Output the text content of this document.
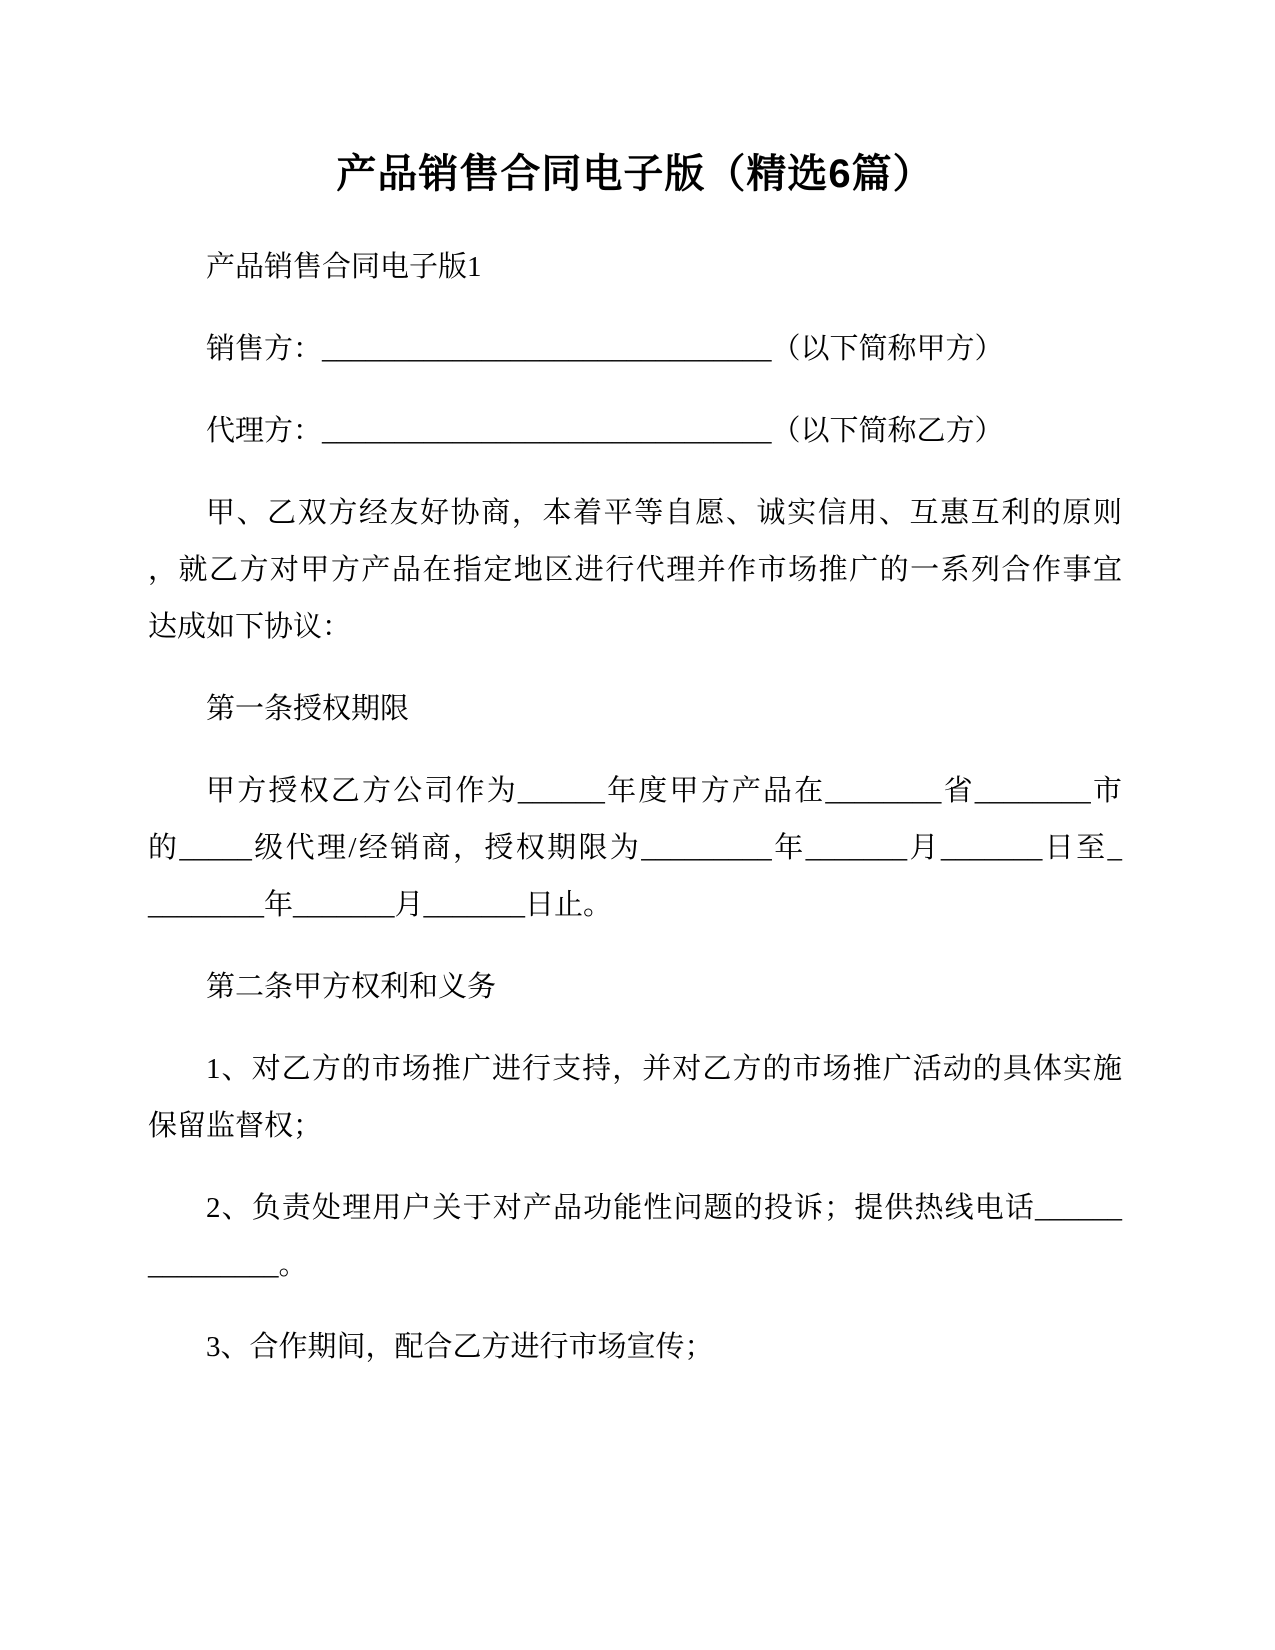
产品销售合同电子版（精选6篇）

产品销售合同电子版1

销售方：_______________________________（以下简称甲方）

代理方：_______________________________（以下简称乙方）

甲、乙双方经友好协商，本着平等自愿、诚实信用、互惠互利的原则
，就乙方对甲方产品在指定地区进行代理并作市场推广的一系列合作事宜
达成如下协议：

第一条授权期限

甲方授权乙方公司作为______年度甲方产品在________省________市
的_____级代理/经销商，授权期限为_________年_______月_______日至_
________年_______月_______日止。

第二条甲方权利和义务

1、对乙方的市场推广进行支持，并对乙方的市场推广活动的具体实施
保留监督权；

2、负责处理用户关于对产品功能性问题的投诉；提供热线电话______
_________。

3、合作期间，配合乙方进行市场宣传；
